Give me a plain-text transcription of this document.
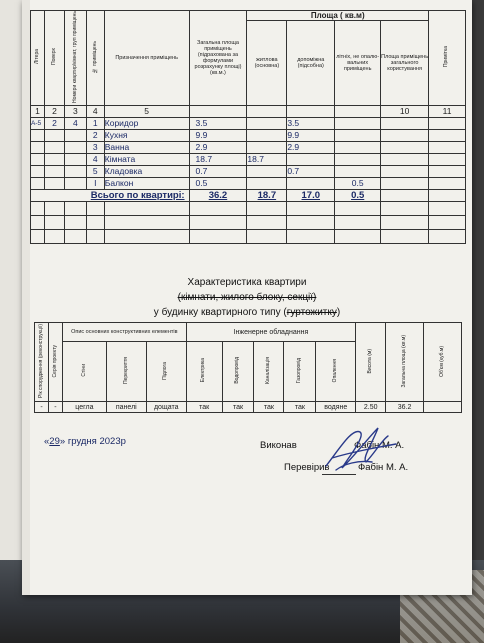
Літера	Поверх	Номери квартир/кімнат, груп приміщень	№ приміщень	Призначення приміщень	Загальна площа приміщень (підрахована за формулами розрахунку площі) (кв.м.)	Площа ( кв.м)				Примітка
						житлова (основна)	допоміжна (підсобна)	літніх, не опалю- вальних приміщень	Площа приміщень загального користування	
1	2	3	4	5					10	11
А-5	2	4	1	Коридор	3.5		3.5			
			2	Кухня	9.9		9.9			
			3	Ванна	2.9		2.9			
			4	Кімната	18.7	18.7				
			5	Кладовка	0.7		0.7			
			I	Балкон	0.5			0.5		
Всього по квартирі:					36.2	18.7	17.0	0.5		

Характеристика квартири
(кімнати, жилого блоку, секції)
у будинку квартирного типу (гуртожитку)
Рік спорудження (реконструкції)	Серія проекту	Опис основних конструктивних елементів			Інженерне обладнання					Висота (м)	Загальна площа (кв.м)	Об'єм (куб.м)
		Стіни	Перекриття	Підлога	Електрика	Водопровід	Каналізація	Газопровід	Опалення			
-	-	цегла	панелі	дощата	так	так	так	так	водяне	2.50	36.2	
«29» грудня 2023р	Виконав	Фабін М. А.
Перевірив	Фабін М. А.
